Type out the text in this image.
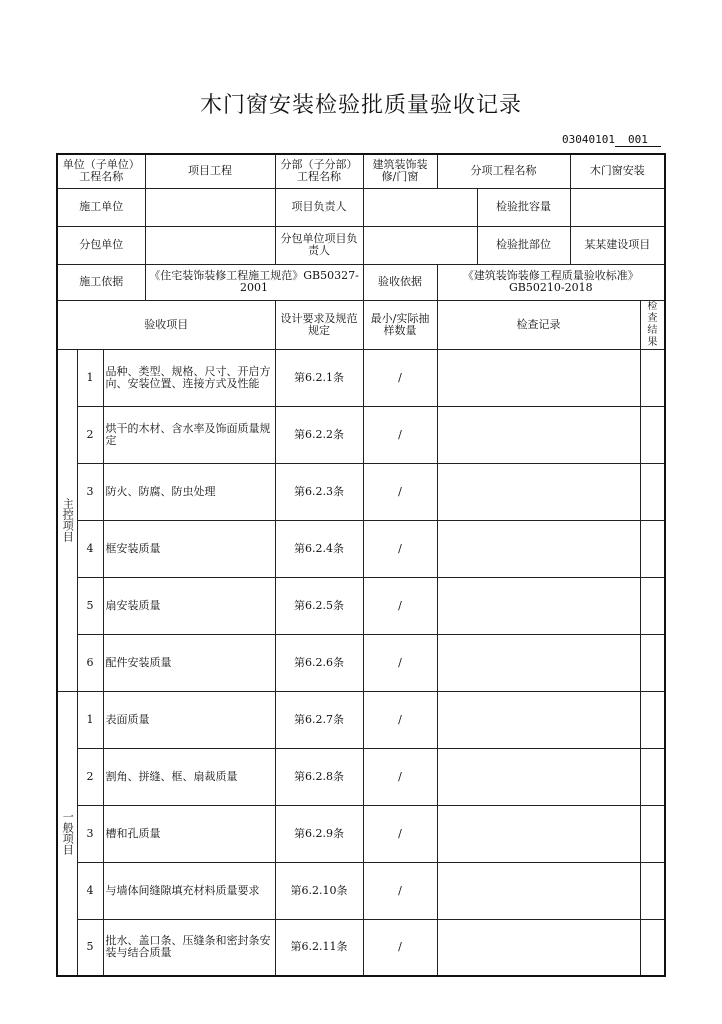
木门窗安装检验批质量验收记录
03040101 001
单位（子单位）工程名称			项目工程	分部（子分部）工程名称	建筑装饰装修/门窗	分项工程名称		木门窗安装	
施工单位				项目负责人			检验批容量		
分包单位				分包单位项目负责人			检验批部位	某某建设项目	
施工依据			《住宅装饰装修工程施工规范》GB50327-2001		验收依据	《建筑装饰装修工程质量验收标准》GB50210-2018			
验收项目				设计要求及规范规定	最小/实际抽样数量	检查记录			检查结果
主控项目	1	品种、类型、规格、尺寸、开启方向、安装位置、连接方式及性能		第6.2.1条	/				
	2	烘干的木材、含水率及饰面质量规定		第6.2.2条	/				
	3	防火、防腐、防虫处理		第6.2.3条	/				
	4	框安装质量		第6.2.4条	/				
	5	扇安装质量		第6.2.5条	/				
	6	配件安装质量		第6.2.6条	/				
一般项目	1	表面质量		第6.2.7条	/				
	2	割角、拼缝、框、扇裁质量		第6.2.8条	/				
	3	槽和孔质量		第6.2.9条	/				
	4	与墙体间缝隙填充材料质量要求		第6.2.10条	/				
	5	批水、盖口条、压缝条和密封条安装与结合质量		第6.2.11条	/				
